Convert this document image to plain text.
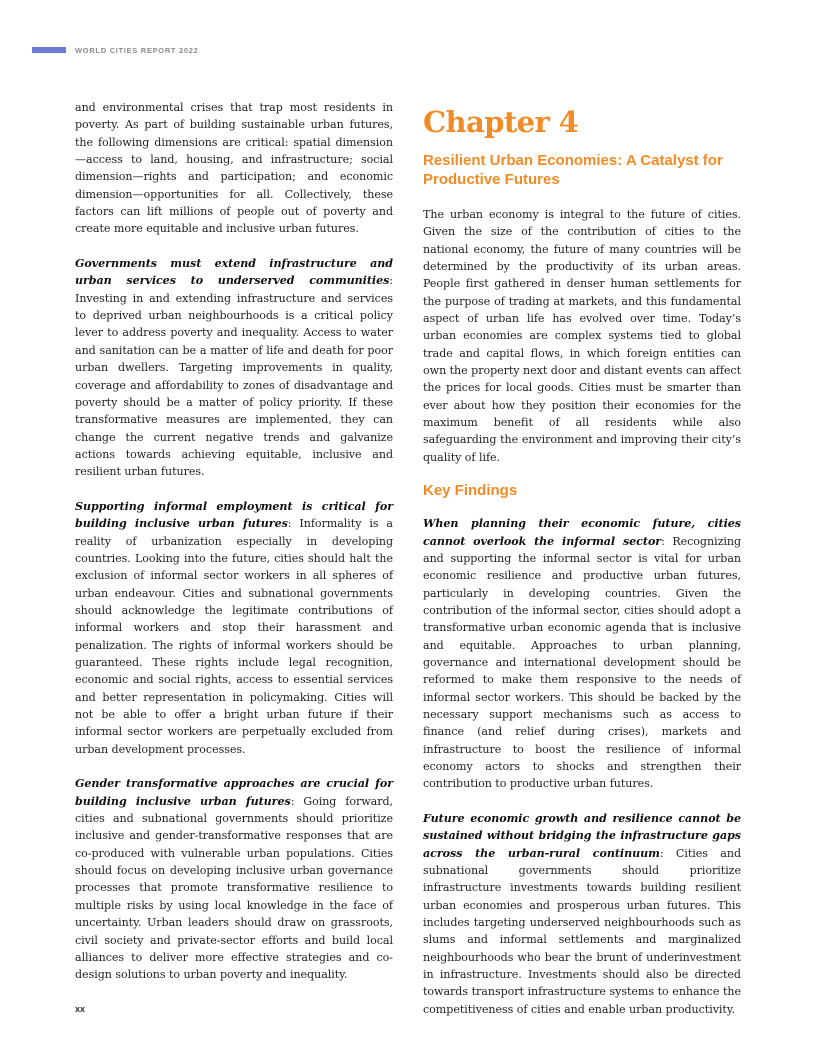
WORLD CITIES REPORT 2022

and environmental crises that trap most residents in poverty. As part of building sustainable urban futures, the following dimensions are critical: spatial dimension—access to land, housing, and infrastructure; social dimension—rights and participation; and economic dimension—opportunities for all. Collectively, these factors can lift millions of people out of poverty and create more equitable and inclusive urban futures.

Governments must extend infrastructure and urban services to underserved communities: Investing in and extending infrastructure and services to deprived urban neighbourhoods is a critical policy lever to address poverty and inequality. Access to water and sanitation can be a matter of life and death for poor urban dwellers. Targeting improvements in quality, coverage and affordability to zones of disadvantage and poverty should be a matter of policy priority. If these transformative measures are implemented, they can change the current negative trends and galvanize actions towards achieving equitable, inclusive and resilient urban futures.

Supporting informal employment is critical for building inclusive urban futures: Informality is a reality of urbanization especially in developing countries. Looking into the future, cities should halt the exclusion of informal sector workers in all spheres of urban endeavour. Cities and subnational governments should acknowledge the legitimate contributions of informal workers and stop their harassment and penalization. The rights of informal workers should be guaranteed. These rights include legal recognition, economic and social rights, access to essential services and better representation in policymaking. Cities will not be able to offer a bright urban future if their informal sector workers are perpetually excluded from urban development processes.

Gender transformative approaches are crucial for building inclusive urban futures: Going forward, cities and subnational governments should prioritize inclusive and gender-transformative responses that are co-produced with vulnerable urban populations. Cities should focus on developing inclusive urban governance processes that promote transformative resilience to multiple risks by using local knowledge in the face of uncertainty. Urban leaders should draw on grassroots, civil society and private-sector efforts and build local alliances to deliver more effective strategies and co-design solutions to urban poverty and inequality.

Chapter 4
Resilient Urban Economies: A Catalyst for Productive Futures

The urban economy is integral to the future of cities. Given the size of the contribution of cities to the national economy, the future of many countries will be determined by the productivity of its urban areas. People first gathered in denser human settlements for the purpose of trading at markets, and this fundamental aspect of urban life has evolved over time. Today’s urban economies are complex systems tied to global trade and capital flows, in which foreign entities can own the property next door and distant events can affect the prices for local goods. Cities must be smarter than ever about how they position their economies for the maximum benefit of all residents while also safeguarding the environment and improving their city’s quality of life.

Key Findings

When planning their economic future, cities cannot overlook the informal sector: Recognizing and supporting the informal sector is vital for urban economic resilience and productive urban futures, particularly in developing countries. Given the contribution of the informal sector, cities should adopt a transformative urban economic agenda that is inclusive and equitable. Approaches to urban planning, governance and international development should be reformed to make them responsive to the needs of informal sector workers. This should be backed by the necessary support mechanisms such as access to finance (and relief during crises), markets and infrastructure to boost the resilience of informal economy actors to shocks and strengthen their contribution to productive urban futures.

Future economic growth and resilience cannot be sustained without bridging the infrastructure gaps across the urban-rural continuum: Cities and subnational governments should prioritize infrastructure investments towards building resilient urban economies and prosperous urban futures. This includes targeting underserved neighbourhoods such as slums and informal settlements and marginalized neighbourhoods who bear the brunt of underinvestment in infrastructure. Investments should also be directed towards transport infrastructure systems to enhance the competitiveness of cities and enable urban productivity.

xx
